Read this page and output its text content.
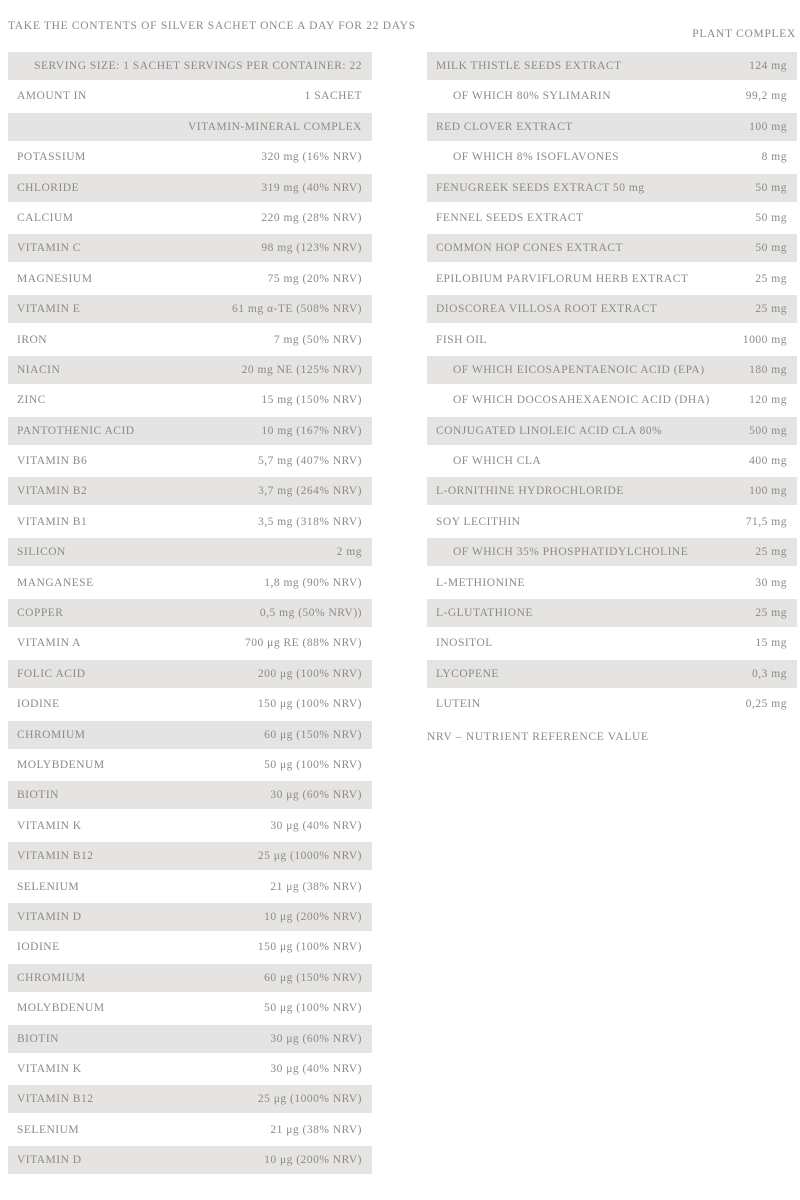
TAKE THE CONTENTS OF SILVER SACHET ONCE A DAY FOR 22 DAYS
PLANT COMPLEX
SERVING SIZE: 1 SACHET SERVINGS PER CONTAINER: 22
AMOUNT IN	1 SACHET
VITAMIN-MINERAL COMPLEX
POTASSIUM	320 mg (16% NRV)
CHLORIDE	319 mg (40% NRV)
CALCIUM	220 mg (28% NRV)
VITAMIN C	98 mg (123% NRV)
MAGNESIUM	75 mg (20% NRV)
VITAMIN E	61 mg α-TE (508% NRV)
IRON	7 mg (50% NRV)
NIACIN	20 mg NE (125% NRV)
ZINC	15 mg (150% NRV)
PANTOTHENIC ACID	10 mg (167% NRV)
VITAMIN B6	5,7 mg (407% NRV)
VITAMIN B2	3,7 mg (264% NRV)
VITAMIN B1	3,5 mg (318% NRV)
SILICON	2 mg
MANGANESE	1,8 mg (90% NRV)
COPPER	0,5 mg (50% NRV))
VITAMIN A	700 μg RE (88% NRV)
FOLIC ACID	200 μg (100% NRV)
IODINE	150 μg (100% NRV)
CHROMIUM	60 μg (150% NRV)
MOLYBDENUM	50 μg (100% NRV)
BIOTIN	30 μg (60% NRV)
VITAMIN K	30 μg (40% NRV)
VITAMIN B12	25 μg (1000% NRV)
SELENIUM	21 μg (38% NRV)
VITAMIN D	10 μg (200% NRV)
IODINE	150 μg (100% NRV)
CHROMIUM	60 μg (150% NRV)
MOLYBDENUM	50 μg (100% NRV)
BIOTIN	30 μg (60% NRV)
VITAMIN K	30 μg (40% NRV)
VITAMIN B12	25 μg (1000% NRV)
SELENIUM	21 μg (38% NRV)
VITAMIN D	10 μg (200% NRV)
MILK THISTLE SEEDS EXTRACT	124 mg
OF WHICH 80% SYLIMARIN	99,2 mg
RED CLOVER EXTRACT	100 mg
OF WHICH 8% ISOFLAVONES	8 mg
FENUGREEK SEEDS EXTRACT 50 mg	50 mg
FENNEL SEEDS EXTRACT	50 mg
COMMON HOP CONES EXTRACT	50 mg
EPILOBIUM PARVIFLORUM HERB EXTRACT	25 mg
DIOSCOREA VILLOSA ROOT EXTRACT	25 mg
FISH OIL	1000 mg
OF WHICH EICOSAPENTAENOIC ACID (EPA)	180 mg
OF WHICH DOCOSAHEXAENOIC ACID (DHA)	120 mg
CONJUGATED LINOLEIC ACID CLA 80%	500 mg
OF WHICH CLA	400 mg
L-ORNITHINE HYDROCHLORIDE	100 mg
SOY LECITHIN	71,5 mg
OF WHICH 35% PHOSPHATIDYLCHOLINE	25 mg
L-METHIONINE	30 mg
L-GLUTATHIONE	25 mg
INOSITOL	15 mg
LYCOPENE	0,3 mg
LUTEIN	0,25 mg
NRV – NUTRIENT REFERENCE VALUE
